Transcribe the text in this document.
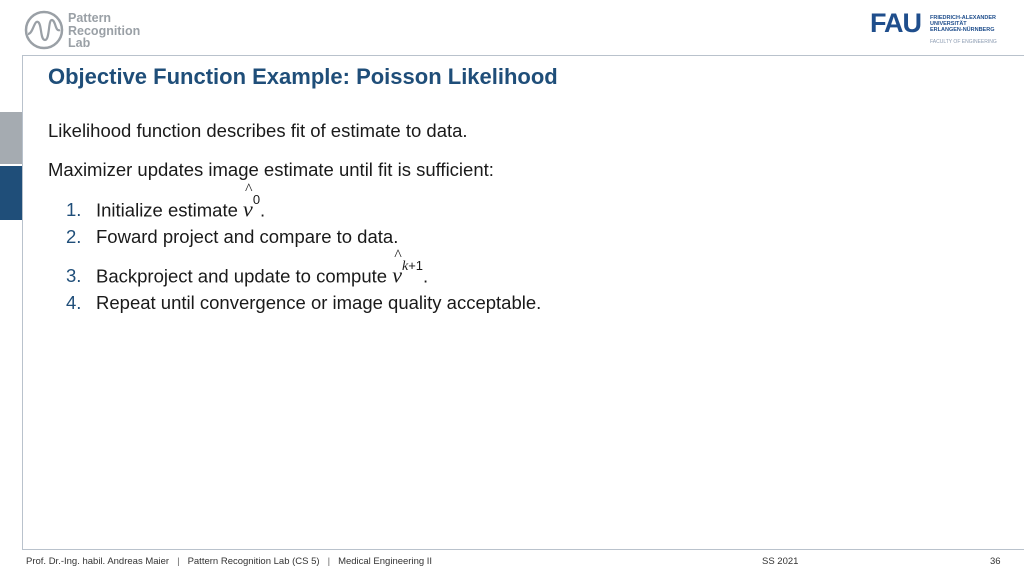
Pattern
Recognition
Lab
FAU FRIEDRICH-ALEXANDER
UNIVERSITÄT
ERLANGEN-NÜRNBERG
FACULTY OF ENGINEERING
Objective Function Example: Poisson Likelihood
Likelihood function describes fit of estimate to data.
Maximizer updates image estimate until fit is sufficient:
1. Initialize estimate
^
$v^0$.
2. Foward project and compare to data.
3. Backproject and update to compute
^
$v^{k+1}$.
4. Repeat until convergence or image quality acceptable.
Prof. Dr.-Ing. habil. Andreas Maier | Pattern Recognition Lab (CS 5) | Medical Engineering II	SS 2021	36
